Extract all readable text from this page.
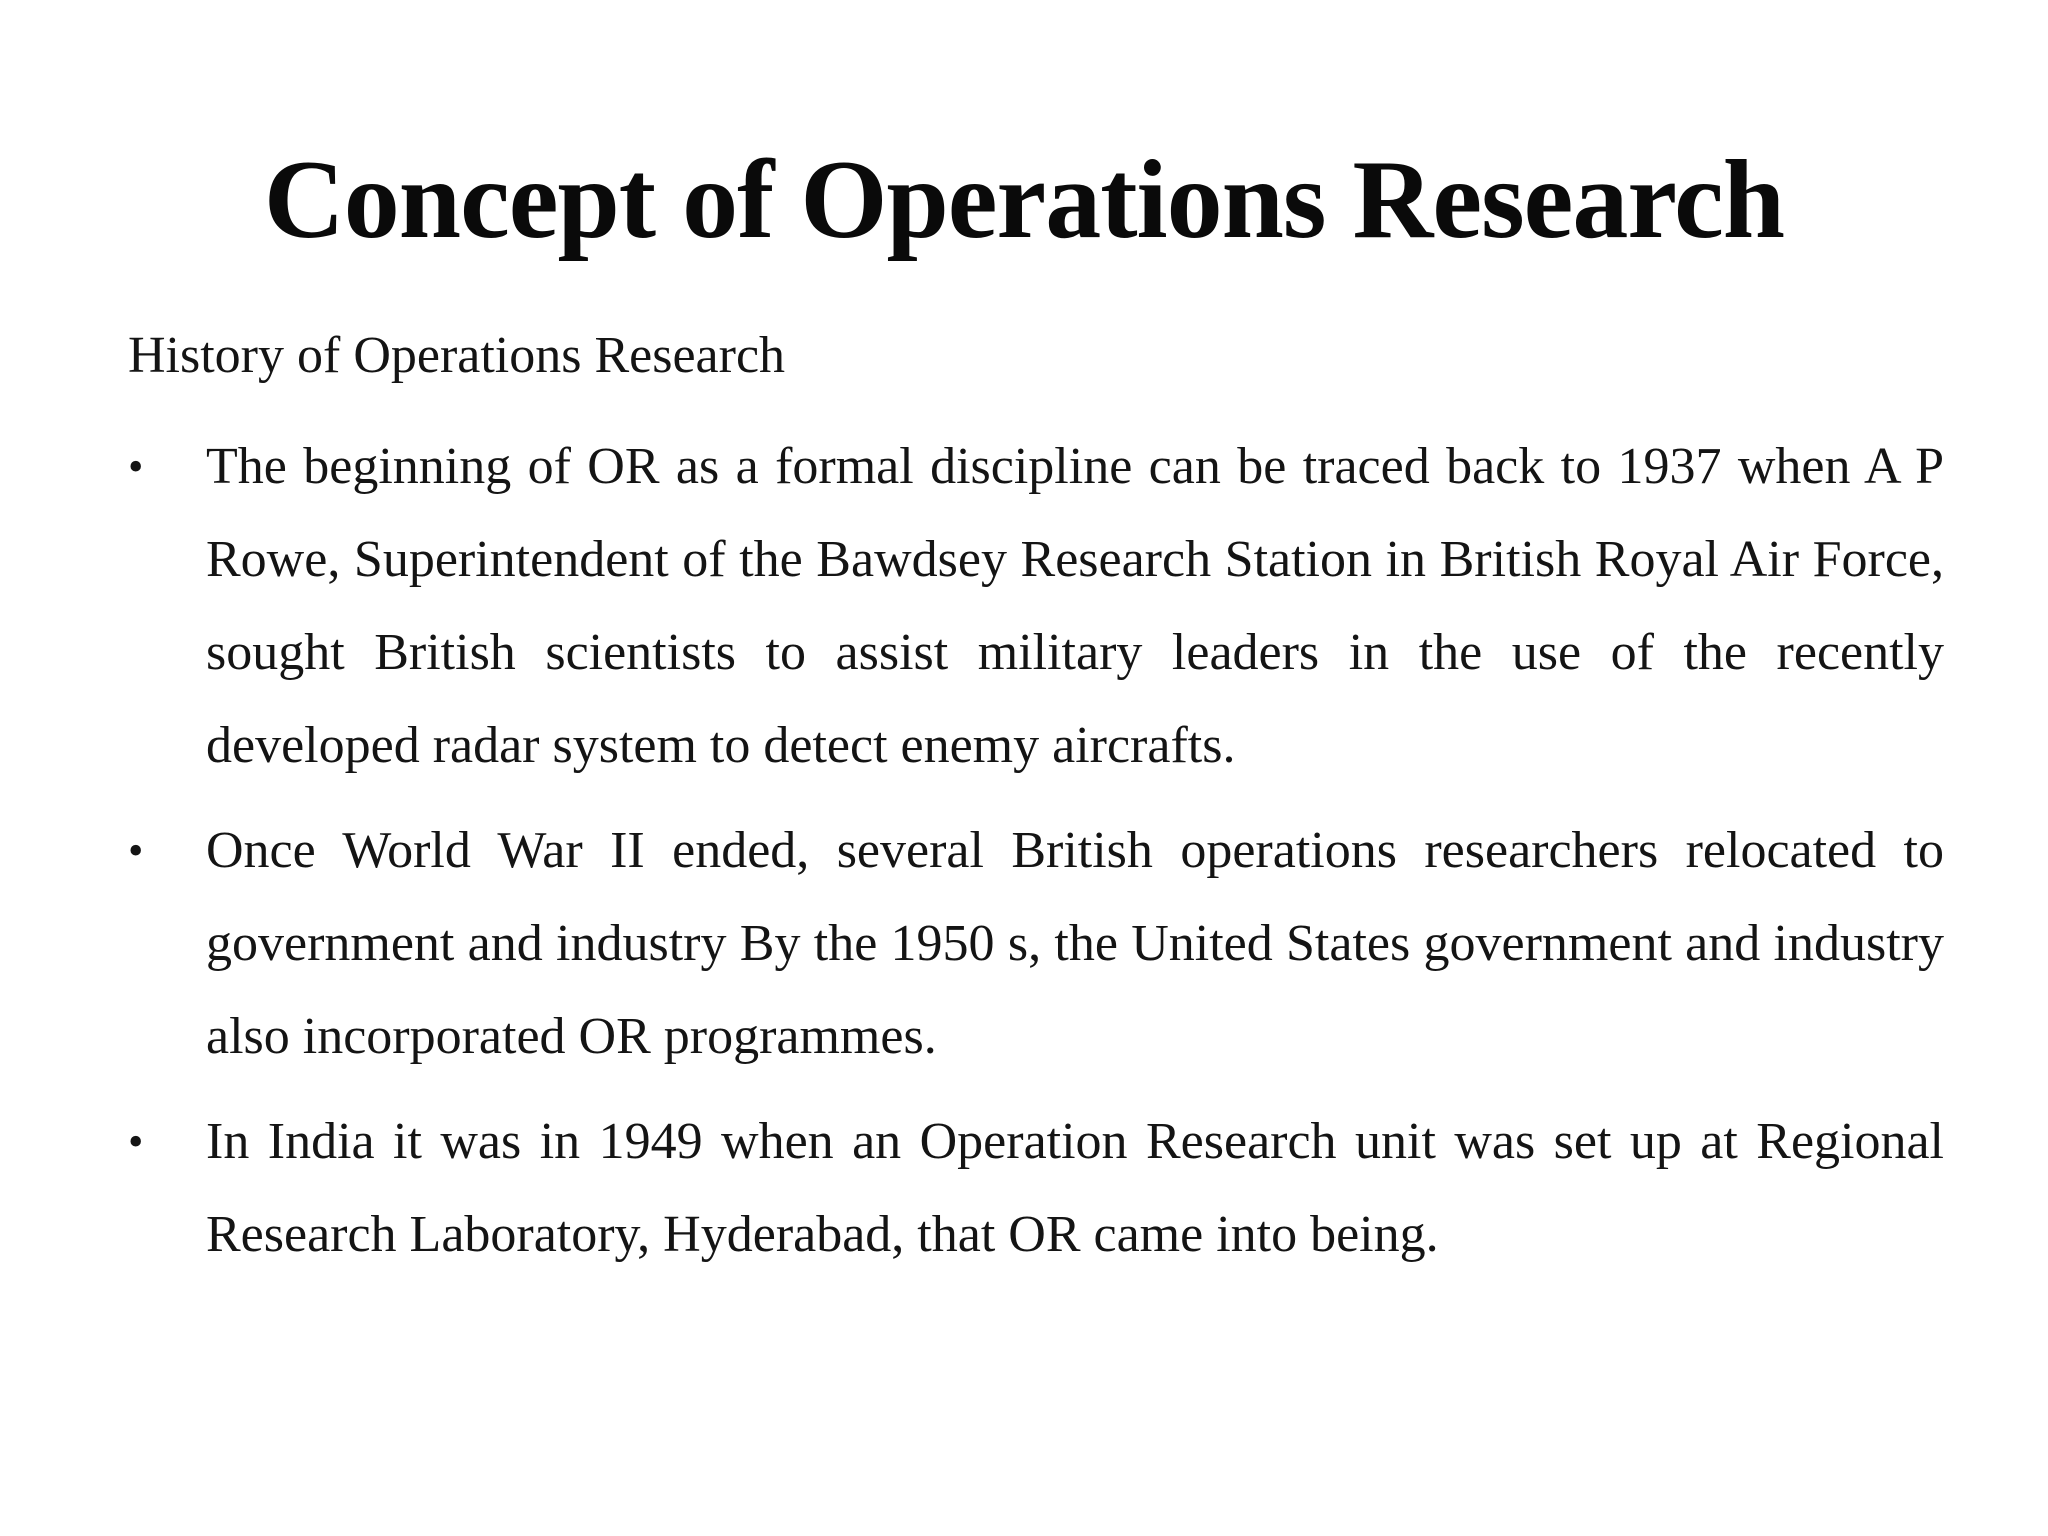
Concept of Operations Research
History of Operations Research
• The beginning of OR as a formal discipline can be traced back to 1937 when A P Rowe, Superintendent of the Bawdsey Research Station in British Royal Air Force, sought British scientists to assist military leaders in the use of the recently developed radar system to detect enemy aircrafts.
• Once World War II ended, several British operations researchers relocated to government and industry By the 1950 s, the United States government and industry also incorporated OR programmes.
• In India it was in 1949 when an Operation Research unit was set up at Regional Research Laboratory, Hyderabad, that OR came into being.
